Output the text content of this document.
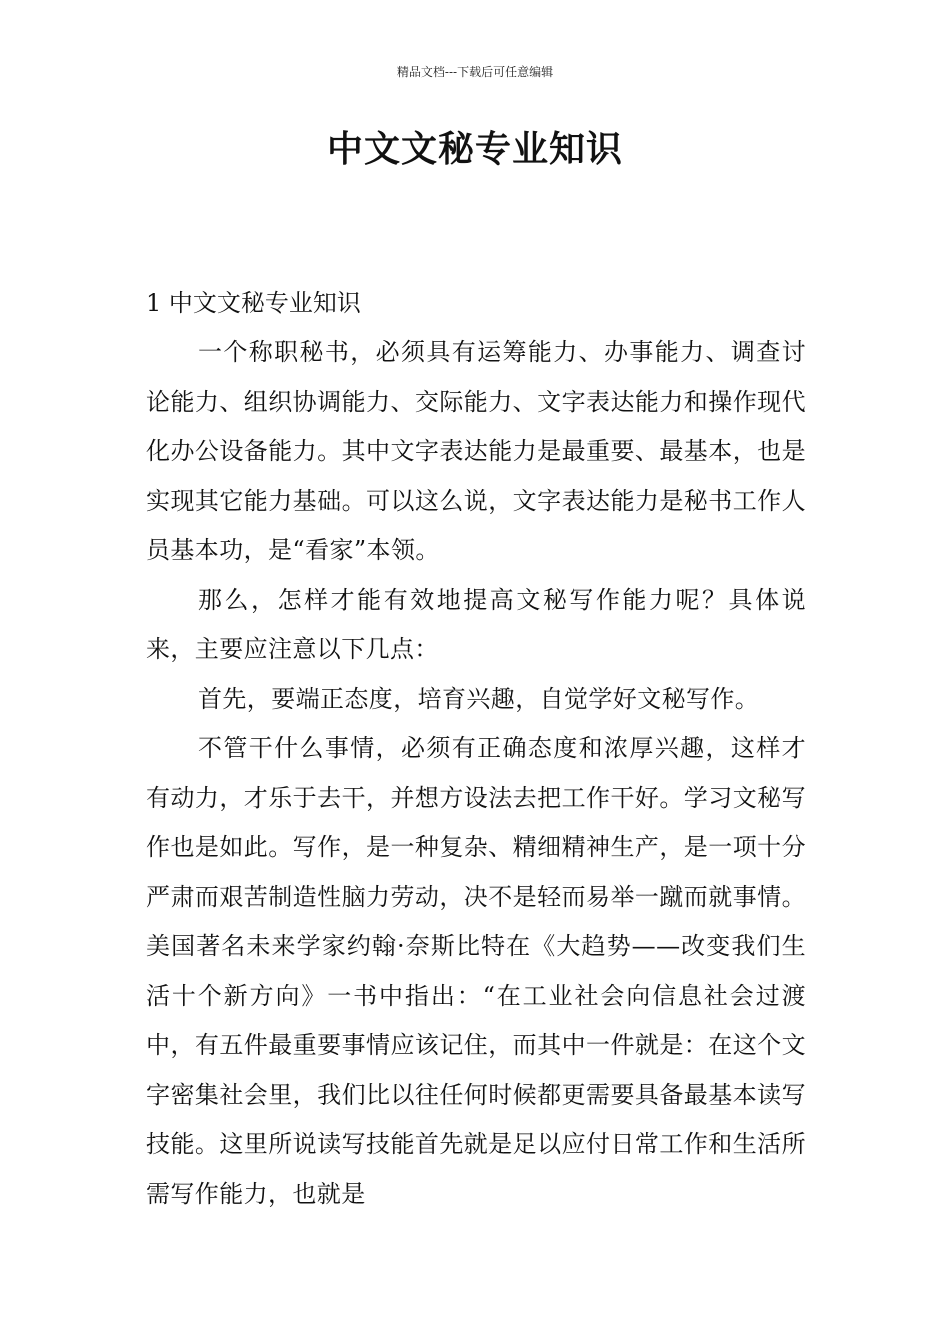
精品文档---下载后可任意编辑
中文文秘专业知识

1 中文文秘专业知识

一个称职秘书，必须具有运筹能力、办事能力、调查讨论能力、组织协调能力、交际能力、文字表达能力和操作现代化办公设备能力。其中文字表达能力是最重要、最基本，也是实现其它能力基础。可以这么说，文字表达能力是秘书工作人员基本功，是“看家”本领。

那么，怎样才能有效地提高文秘写作能力呢？具体说来，主要应注意以下几点：

首先，要端正态度，培育兴趣，自觉学好文秘写作。

不管干什么事情，必须有正确态度和浓厚兴趣，这样才有动力，才乐于去干，并想方设法去把工作干好。学习文秘写作也是如此。写作，是一种复杂、精细精神生产，是一项十分严肃而艰苦制造性脑力劳动，决不是轻而易举一蹴而就事情。美国著名未来学家约翰·奈斯比特在《大趋势——改变我们生活十个新方向》一书中指出：“在工业社会向信息社会过渡中，有五件最重要事情应该记住，而其中一件就是：在这个文字密集社会里，我们比以往任何时候都更需要具备最基本读写技能。这里所说读写技能首先就是足以应付日常工作和生活所需写作能力，也就是
